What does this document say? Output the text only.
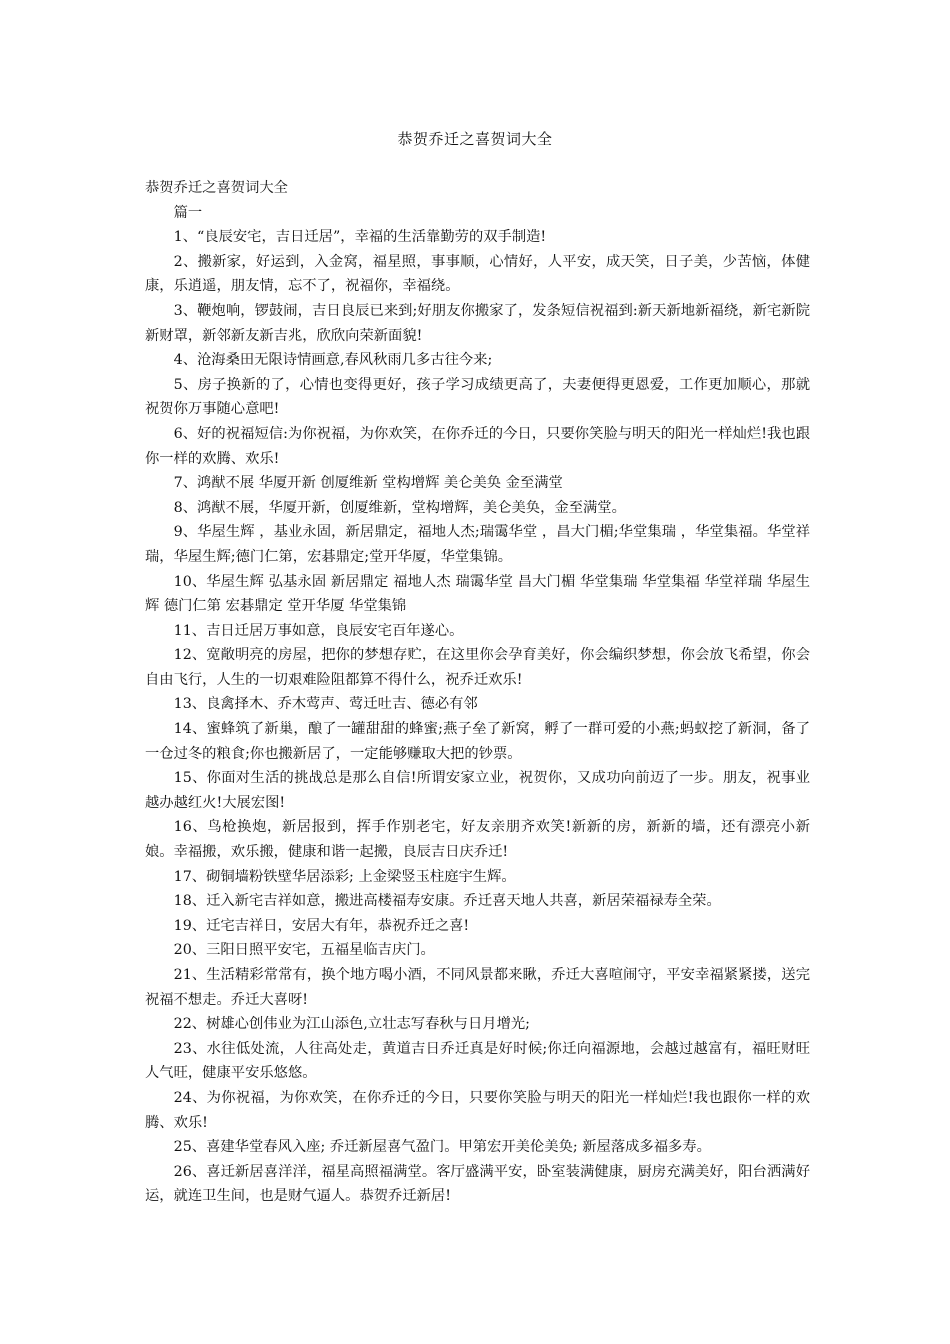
恭贺乔迁之喜贺词大全

恭贺乔迁之喜贺词大全

篇一

1、“良辰安宅，吉日迁居”，幸福的生活靠勤劳的双手制造!

2、搬新家，好运到，入金窝，福星照，事事顺，心情好，人平安，成天笑，日子美，少苦恼，体健康，乐逍遥，朋友情，忘不了，祝福你，幸福绕。

3、鞭炮响，锣鼓闹，吉日良辰已来到;好朋友你搬家了，发条短信祝福到:新天新地新福绕，新宅新院新财罩，新邻新友新吉兆，欣欣向荣新面貌!

4、沧海桑田无限诗情画意,春风秋雨几多古往今来;

5、房子换新的了，心情也变得更好，孩子学习成绩更高了，夫妻便得更恩爱，工作更加顺心，那就祝贺你万事随心意吧!

6、好的祝福短信:为你祝福，为你欢笑，在你乔迁的今日，只要你笑脸与明天的阳光一样灿烂!我也跟你一样的欢腾、欢乐!

7、鸿猷不展 华厦开新 创厦维新 堂构增辉 美仑美奂 金至满堂

8、鸿猷不展，华厦开新，创厦维新，堂构增辉，美仑美奂，金至满堂。

9、华屋生辉 ，基业永固，新居鼎定，福地人杰;瑞霭华堂 ，昌大门楣;华堂集瑞 ，华堂集福。华堂祥瑞，华屋生辉;德门仁第，宏碁鼎定;堂开华厦，华堂集锦。

10、华屋生辉 弘基永固 新居鼎定 福地人杰 瑞霭华堂 昌大门楣 华堂集瑞 华堂集福 华堂祥瑞 华屋生辉 德门仁第 宏碁鼎定 堂开华厦 华堂集锦

11、吉日迁居万事如意，良辰安宅百年遂心。

12、宽敞明亮的房屋，把你的梦想存贮，在这里你会孕育美好，你会编织梦想，你会放飞希望，你会自由飞行，人生的一切艰难险阻都算不得什么，祝乔迁欢乐!

13、良禽择木、乔木莺声、莺迁吐吉、德必有邻

14、蜜蜂筑了新巢，酿了一罐甜甜的蜂蜜;燕子垒了新窝，孵了一群可爱的小燕;蚂蚁挖了新洞，备了一仓过冬的粮食;你也搬新居了，一定能够赚取大把的钞票。

15、你面对生活的挑战总是那么自信!所谓安家立业，祝贺你，又成功向前迈了一步。朋友，祝事业越办越红火!大展宏图!

16、鸟枪换炮，新居报到，挥手作别老宅，好友亲朋齐欢笑!新新的房，新新的墙，还有漂亮小新娘。幸福搬，欢乐搬，健康和谐一起搬，良辰吉日庆乔迁!

17、砌铜墙粉铁壁华居添彩; 上金梁竖玉柱庭宇生辉。

18、迁入新宅吉祥如意，搬进高楼福寿安康。乔迁喜天地人共喜，新居荣福禄寿全荣。

19、迁宅吉祥日，安居大有年，恭祝乔迁之喜!

20、三阳日照平安宅，五福星临吉庆门。

21、生活精彩常常有，换个地方喝小酒，不同风景都来瞅，乔迁大喜喧闹守，平安幸福紧紧搂，送完祝福不想走。乔迁大喜呀!

22、树雄心创伟业为江山添色,立壮志写春秋与日月增光;

23、水往低处流，人往高处走，黄道吉日乔迁真是好时候;你迁向福源地，会越过越富有，福旺财旺人气旺，健康平安乐悠悠。

24、为你祝福，为你欢笑，在你乔迁的今日，只要你笑脸与明天的阳光一样灿烂!我也跟你一样的欢腾、欢乐!

25、喜建华堂春风入座; 乔迁新屋喜气盈门。甲第宏开美伦美奂; 新屋落成多福多寿。

26、喜迁新居喜洋洋，福星高照福满堂。客厅盛满平安，卧室装满健康，厨房充满美好，阳台洒满好运，就连卫生间，也是财气逼人。恭贺乔迁新居!
